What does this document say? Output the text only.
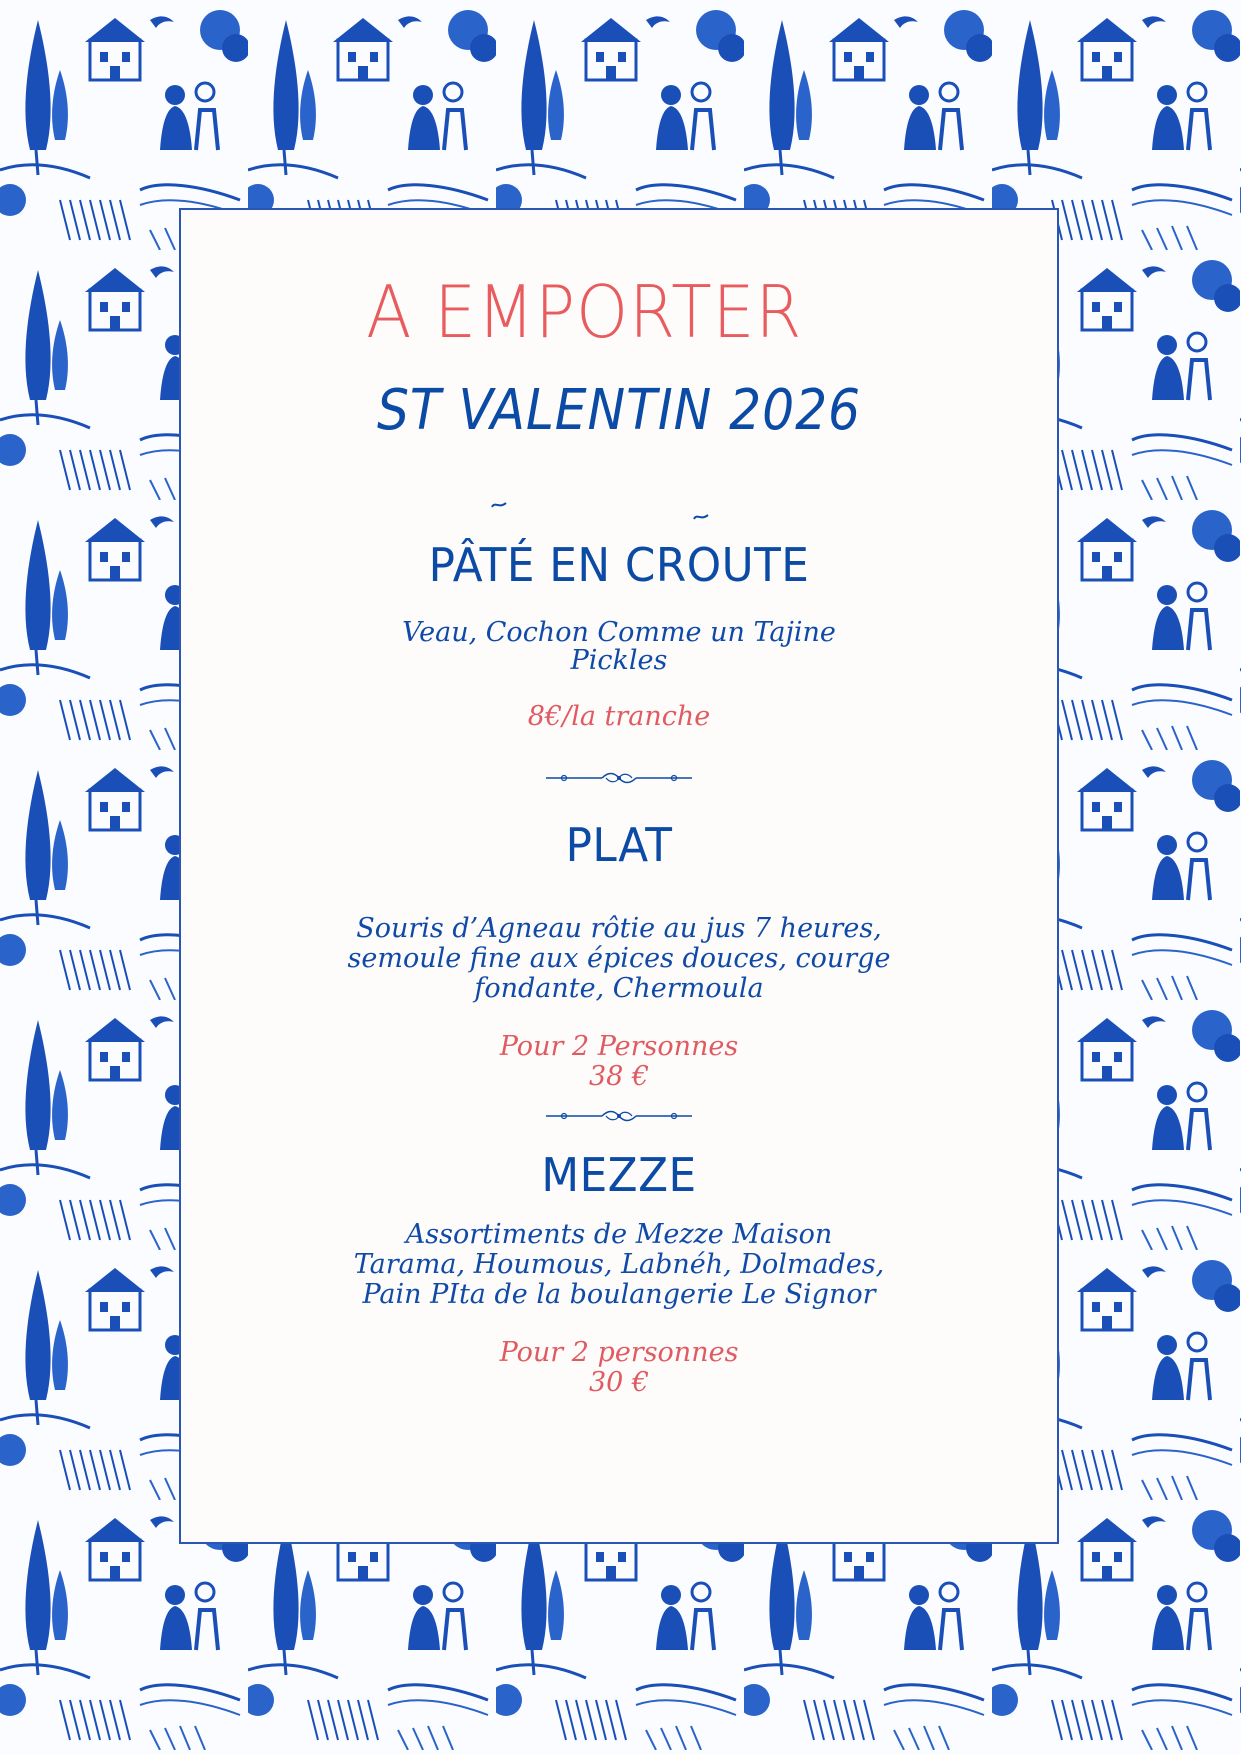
A EMPORTER

ST VALENTIN 2026

PÂTÉ EN CROUTE

Veau, Cochon Comme un Tajine

Pickles

8€/la tranche

PLAT

Souris d’Agneau rôtie au jus 7 heures,

semoule fine aux épices douces, courge

fondante, Chermoula

Pour 2 Personnes

38 €

MEZZE

Assortiments de Mezze Maison

Tarama, Houmous, Labnéh, Dolmades,

Pain PIta de la boulangerie Le Signor

Pour 2 personnes

30 €
